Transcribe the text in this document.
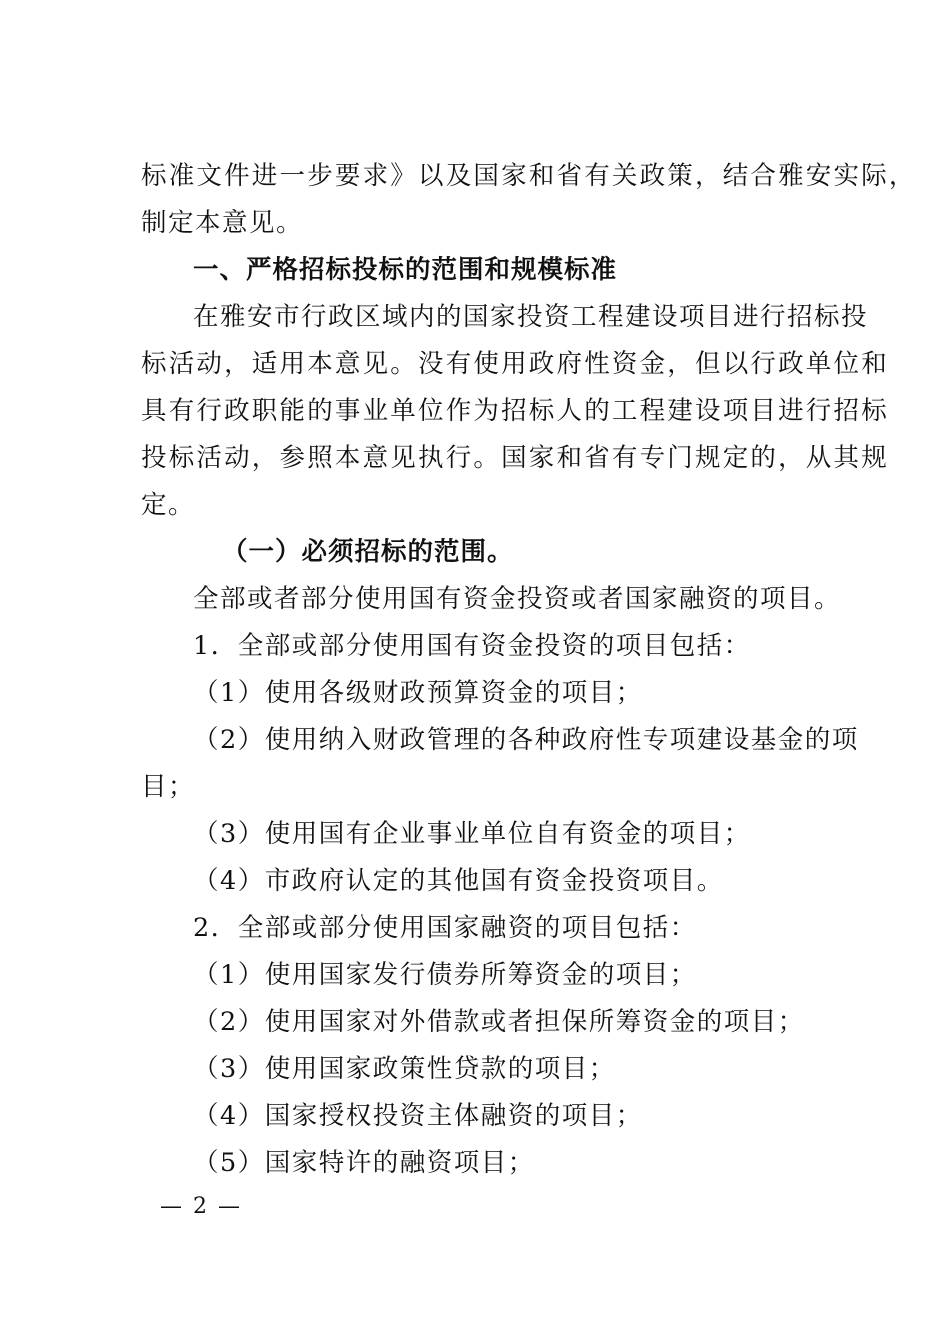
标准文件进一步要求》以及国家和省有关政策，结合雅安实际，
制定本意见。
一、严格招标投标的范围和规模标准
在雅安市行政区域内的国家投资工程建设项目进行招标投
标活动，适用本意见。没有使用政府性资金，但以行政单位和
具有行政职能的事业单位作为招标人的工程建设项目进行招标
投标活动，参照本意见执行。国家和省有专门规定的，从其规
定。
（一）必须招标的范围。
全部或者部分使用国有资金投资或者国家融资的项目。
1．全部或部分使用国有资金投资的项目包括：
（1）使用各级财政预算资金的项目；
（2）使用纳入财政管理的各种政府性专项建设基金的项
目；
（3）使用国有企业事业单位自有资金的项目；
（4）市政府认定的其他国有资金投资项目。
2．全部或部分使用国家融资的项目包括：
（1）使用国家发行债券所筹资金的项目；
（2）使用国家对外借款或者担保所筹资金的项目；
（3）使用国家政策性贷款的项目；
（4）国家授权投资主体融资的项目；
（5）国家特许的融资项目；
— 2 —
